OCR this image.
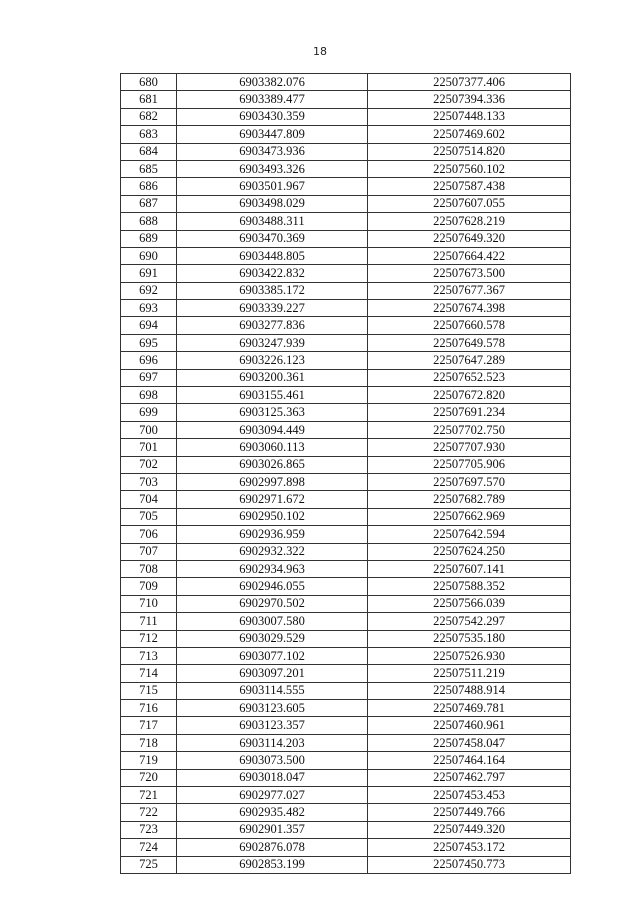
18
680	6903382.076	22507377.406
681	6903389.477	22507394.336
682	6903430.359	22507448.133
683	6903447.809	22507469.602
684	6903473.936	22507514.820
685	6903493.326	22507560.102
686	6903501.967	22507587.438
687	6903498.029	22507607.055
688	6903488.311	22507628.219
689	6903470.369	22507649.320
690	6903448.805	22507664.422
691	6903422.832	22507673.500
692	6903385.172	22507677.367
693	6903339.227	22507674.398
694	6903277.836	22507660.578
695	6903247.939	22507649.578
696	6903226.123	22507647.289
697	6903200.361	22507652.523
698	6903155.461	22507672.820
699	6903125.363	22507691.234
700	6903094.449	22507702.750
701	6903060.113	22507707.930
702	6903026.865	22507705.906
703	6902997.898	22507697.570
704	6902971.672	22507682.789
705	6902950.102	22507662.969
706	6902936.959	22507642.594
707	6902932.322	22507624.250
708	6902934.963	22507607.141
709	6902946.055	22507588.352
710	6902970.502	22507566.039
711	6903007.580	22507542.297
712	6903029.529	22507535.180
713	6903077.102	22507526.930
714	6903097.201	22507511.219
715	6903114.555	22507488.914
716	6903123.605	22507469.781
717	6903123.357	22507460.961
718	6903114.203	22507458.047
719	6903073.500	22507464.164
720	6903018.047	22507462.797
721	6902977.027	22507453.453
722	6902935.482	22507449.766
723	6902901.357	22507449.320
724	6902876.078	22507453.172
725	6902853.199	22507450.773
